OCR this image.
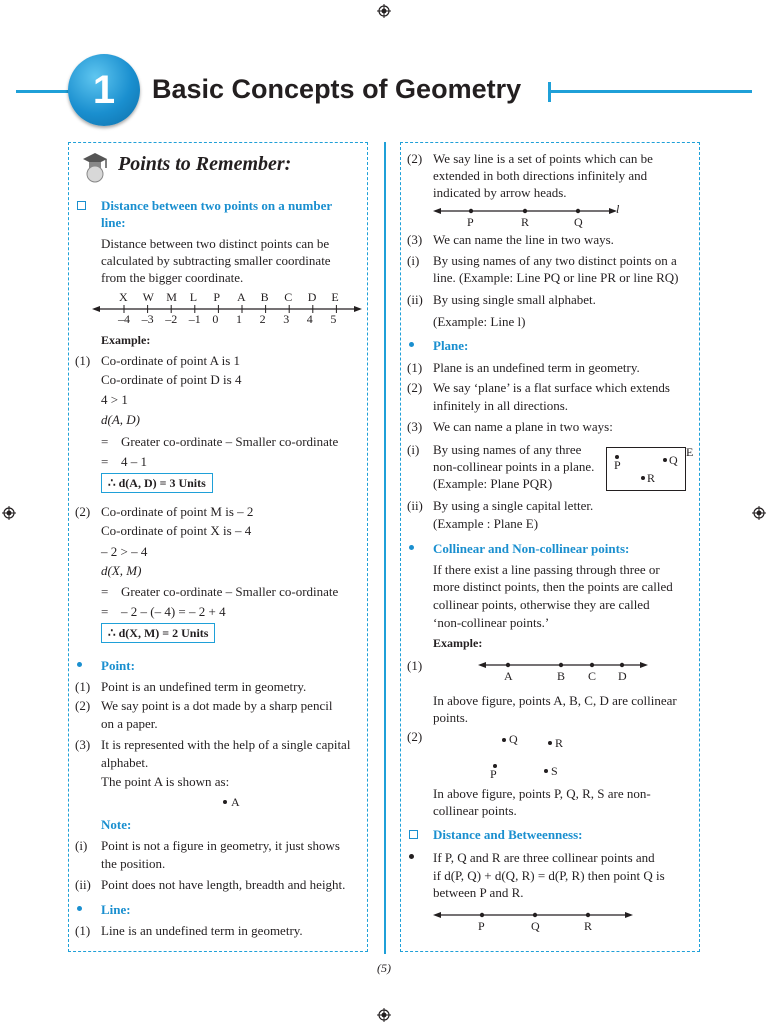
1	Basic Concepts of Geometry
Points to Remember:
Distance between two points on a number
line:
Distance between two distinct points can be
calculated by subtracting smaller coordinate
from the bigger coordinate.
X
–4
W
–3
M
–2
L
–1
P
0
A
1
B
2
C
3
D
4
E
5
Example:
(1) Co-ordinate of point A is 1
Co-ordinate of point D is 4
4 > 1
d(A, D)
= Greater co-ordinate – Smaller co-ordinate
= 4 – 1
∴ d(A, D) = 3 Units
(2) Co-ordinate of point M is – 2
Co-ordinate of point X is – 4
– 2 > – 4
d(X, M)
= Greater co-ordinate – Smaller co-ordinate
= – 2 – (– 4) = – 2 + 4
∴ d(X, M) = 2 Units
Point:
(1) Point is an undefined term in geometry.
(2) We say point is a dot made by a sharp pencil
on a paper.
(3) It is represented with the help of a single capital
alphabet.
The point A is shown as:
A
Note:
(i) Point is not a figure in geometry, it just shows
the position.
(ii) Point does not have length, breadth and height.
Line:
(1) Line is an undefined term in geometry.
(2) We say line is a set of points which can be
extended in both directions infinitely and
indicated by arrow heads.
P	R	Q
l
(3) We can name the line in two ways.
(i) By using names of any two distinct points on a
line. (Example: Line PQ or line PR or line RQ)
(ii) By using single small alphabet.
(Example: Line l)
Plane:
(1) Plane is an undefined term in geometry.
(2) We say ‘plane’ is a flat surface which extends
infinitely in all directions.
(3) We can name a plane in two ways:
(i) By using names of any three
non-collinear points in a plane.
(Example: Plane PQR)
P	Q
R
E
(ii) By using a single capital letter.
(Example : Plane E)
Collinear and Non-collinear points:
If there exist a line passing through three or
more distinct points, then the points are called
collinear points, otherwise they are called
‘non-collinear points.’
Example:
(1)
A	B C D
In above figure, points A, B, C, D are collinear
points.
(2)	Q	R
P	S
In above figure, points P, Q, R, S are non-
collinear points.
Distance and Betweenness:
If P, Q and R are three collinear points and
if d(P, Q) + d(Q, R) = d(P, R) then point Q is
between P and R.
P	Q	R
(5)
